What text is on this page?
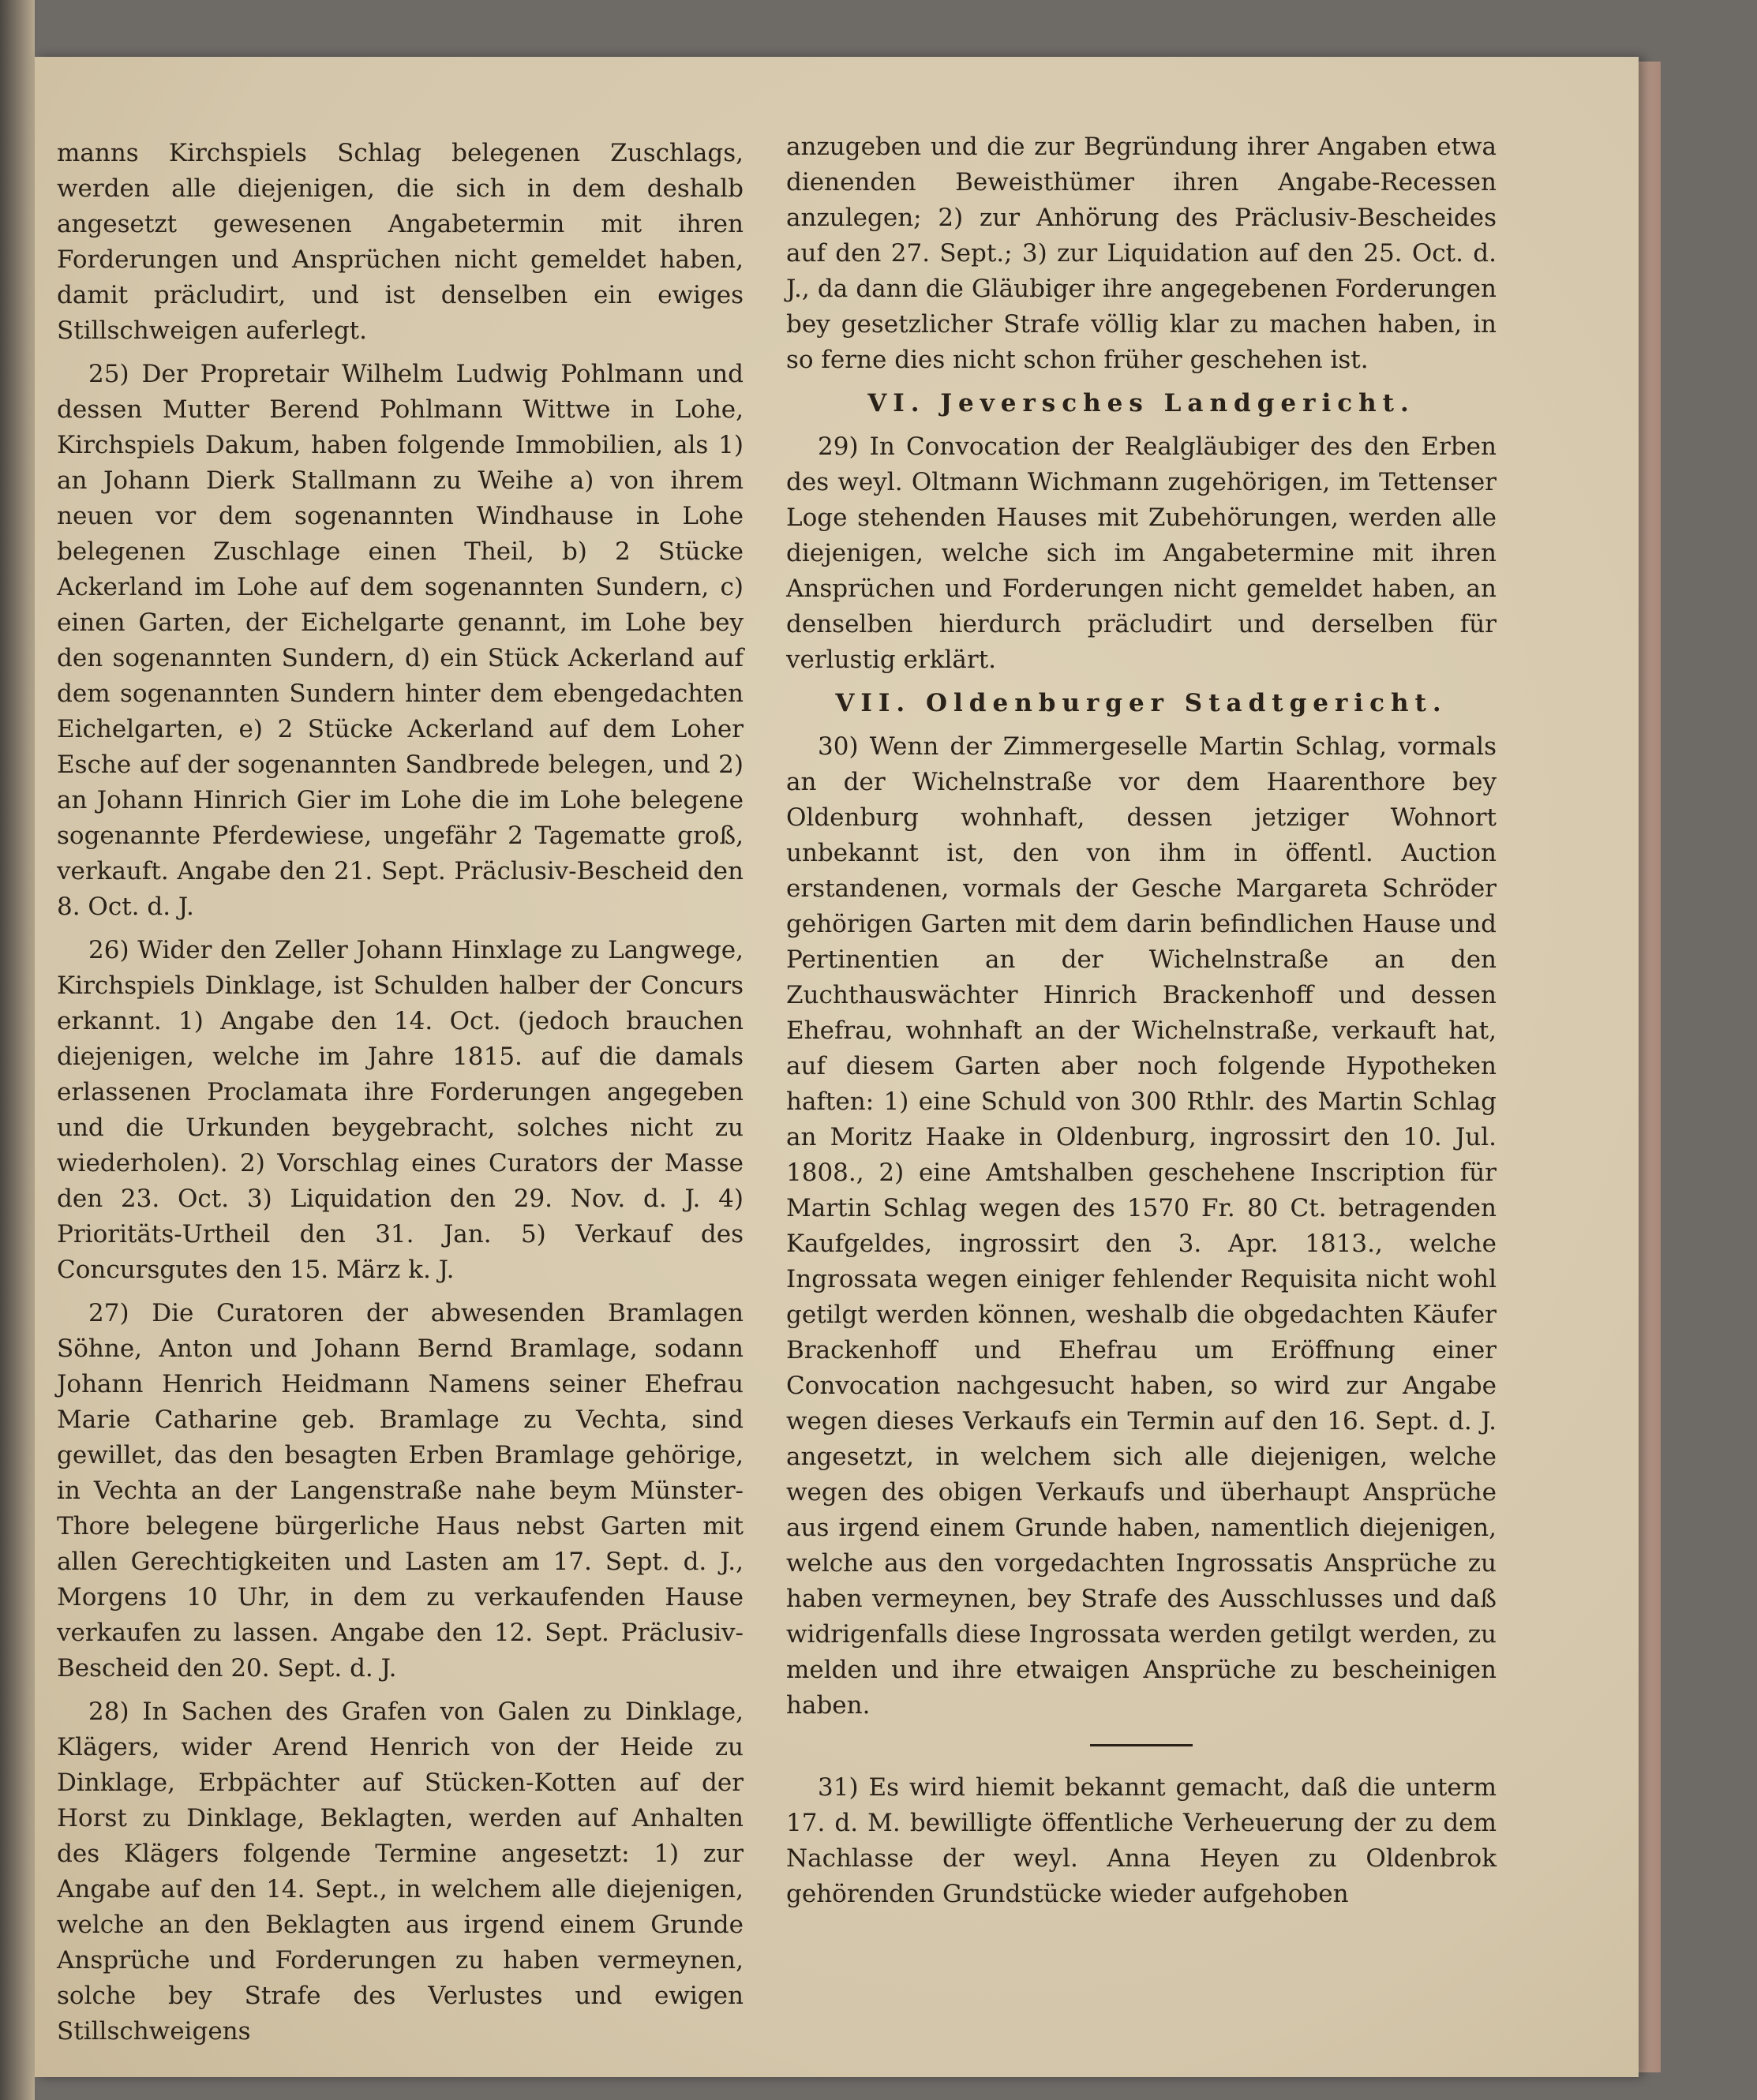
manns Kirchspiels Schlag belegenen Zuschlags, werden alle diejenigen, die sich in dem deshalb angesetzt gewesenen Angabetermin mit ihren Forderungen und Ansprüchen nicht gemeldet haben, damit präcludirt, und ist denselben ein ewiges Stillschweigen auferlegt.

25) Der Propretair Wilhelm Ludwig Pohlmann und dessen Mutter Berend Pohlmann Wittwe in Lohe, Kirchspiels Dakum, haben folgende Immobilien, als 1) an Johann Dierk Stallmann zu Weihe a) von ihrem neuen vor dem sogenannten Windhause in Lohe belegenen Zuschlage einen Theil, b) 2 Stücke Ackerland im Lohe auf dem sogenannten Sundern, c) einen Garten, der Eichelgarte genannt, im Lohe bey den sogenannten Sundern, d) ein Stück Ackerland auf dem sogenannten Sundern hinter dem ebengedachten Eichelgarten, e) 2 Stücke Ackerland auf dem Loher Esche auf der sogenannten Sandbrede belegen, und 2) an Johann Hinrich Gier im Lohe die im Lohe belegene sogenannte Pferdewiese, ungefähr 2 Tagematte groß, verkauft. Angabe den 21. Sept. Präclusiv-Bescheid den 8. Oct. d. J.

26) Wider den Zeller Johann Hinxlage zu Langwege, Kirchspiels Dinklage, ist Schulden halber der Concurs erkannt. 1) Angabe den 14. Oct. (jedoch brauchen diejenigen, welche im Jahre 1815. auf die damals erlassenen Proclamata ihre Forderungen angegeben und die Urkunden beygebracht, solches nicht zu wiederholen). 2) Vorschlag eines Curators der Masse den 23. Oct. 3) Liquidation den 29. Nov. d. J. 4) Prioritäts-Urtheil den 31. Jan. 5) Verkauf des Concursgutes den 15. März k. J.

27) Die Curatoren der abwesenden Bramlagen Söhne, Anton und Johann Bernd Bramlage, sodann Johann Henrich Heidmann Namens seiner Ehefrau Marie Catharine geb. Bramlage zu Vechta, sind gewillet, das den besagten Erben Bramlage gehörige, in Vechta an der Langenstraße nahe beym Münster-Thore belegene bürgerliche Haus nebst Garten mit allen Gerechtigkeiten und Lasten am 17. Sept. d. J., Morgens 10 Uhr, in dem zu verkaufenden Hause verkaufen zu lassen. Angabe den 12. Sept. Präclusiv-Bescheid den 20. Sept. d. J.

28) In Sachen des Grafen von Galen zu Dinklage, Klägers, wider Arend Henrich von der Heide zu Dinklage, Erbpächter auf Stücken-Kotten auf der Horst zu Dinklage, Beklagten, werden auf Anhalten des Klägers folgende Termine angesetzt: 1) zur Angabe auf den 14. Sept., in welchem alle diejenigen, welche an den Beklagten aus irgend einem Grunde Ansprüche und Forderungen zu haben vermeynen, solche bey Strafe des Verlustes und ewigen Stillschweigens

anzugeben und die zur Begründung ihrer Angaben etwa dienenden Beweisthümer ihren Angabe-Recessen anzulegen; 2) zur Anhörung des Präclusiv-Bescheides auf den 27. Sept.; 3) zur Liquidation auf den 25. Oct. d. J., da dann die Gläubiger ihre angegebenen Forderungen bey gesetzlicher Strafe völlig klar zu machen haben, in so ferne dies nicht schon früher geschehen ist.

VI. Jeversches Landgericht.

29) In Convocation der Realgläubiger des den Erben des weyl. Oltmann Wichmann zugehörigen, im Tettenser Loge stehenden Hauses mit Zubehörungen, werden alle diejenigen, welche sich im Angabetermine mit ihren Ansprüchen und Forderungen nicht gemeldet haben, an denselben hierdurch präcludirt und derselben für verlustig erklärt.

VII. Oldenburger Stadtgericht.

30) Wenn der Zimmergeselle Martin Schlag, vormals an der Wichelnstraße vor dem Haarenthore bey Oldenburg wohnhaft, dessen jetziger Wohnort unbekannt ist, den von ihm in öffentl. Auction erstandenen, vormals der Gesche Margareta Schröder gehörigen Garten mit dem darin befindlichen Hause und Pertinentien an der Wichelnstraße an den Zuchthauswächter Hinrich Brackenhoff und dessen Ehefrau, wohnhaft an der Wichelnstraße, verkauft hat, auf diesem Garten aber noch folgende Hypotheken haften: 1) eine Schuld von 300 Rthlr. des Martin Schlag an Moritz Haake in Oldenburg, ingrossirt den 10. Jul. 1808., 2) eine Amtshalben geschehene Inscription für Martin Schlag wegen des 1570 Fr. 80 Ct. betragenden Kaufgeldes, ingrossirt den 3. Apr. 1813., welche Ingrossata wegen einiger fehlender Requisita nicht wohl getilgt werden können, weshalb die obgedachten Käufer Brackenhoff und Ehefrau um Eröffnung einer Convocation nachgesucht haben, so wird zur Angabe wegen dieses Verkaufs ein Termin auf den 16. Sept. d. J. angesetzt, in welchem sich alle diejenigen, welche wegen des obigen Verkaufs und überhaupt Ansprüche aus irgend einem Grunde haben, namentlich diejenigen, welche aus den vorgedachten Ingrossatis Ansprüche zu haben vermeynen, bey Strafe des Ausschlusses und daß widrigenfalls diese Ingrossata werden getilgt werden, zu melden und ihre etwaigen Ansprüche zu bescheinigen haben.

31) Es wird hiemit bekannt gemacht, daß die unterm 17. d. M. bewilligte öffentliche Verheuerung der zu dem Nachlasse der weyl. Anna Heyen zu Oldenbrok gehörenden Grundstücke wieder aufgehoben
